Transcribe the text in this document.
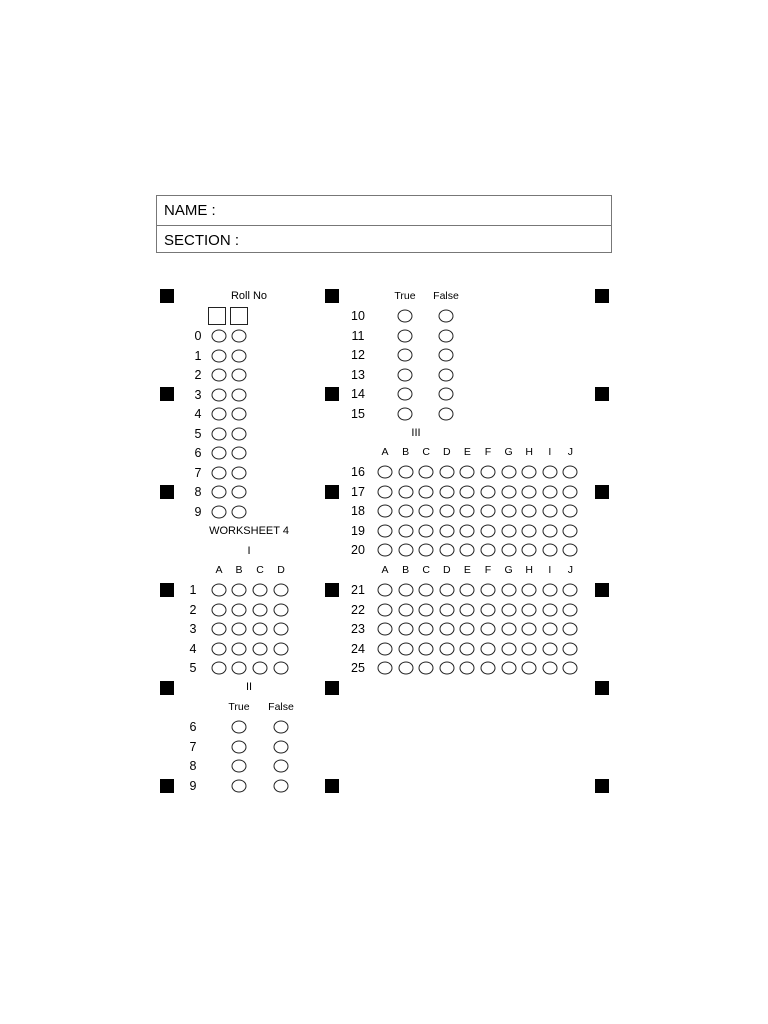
NAME :
SECTION :
Roll No
0
1
2
3
4
5
6
7
8
9
WORKSHEET 4
I
A B C D
1
2
3
4
5
II
True False
6
7
8
9
True False
10
11
12
13
14
15
III
A B C D E F G H I J
16
17
18
19
20
A B C D E F G H I J
21
22
23
24
25
